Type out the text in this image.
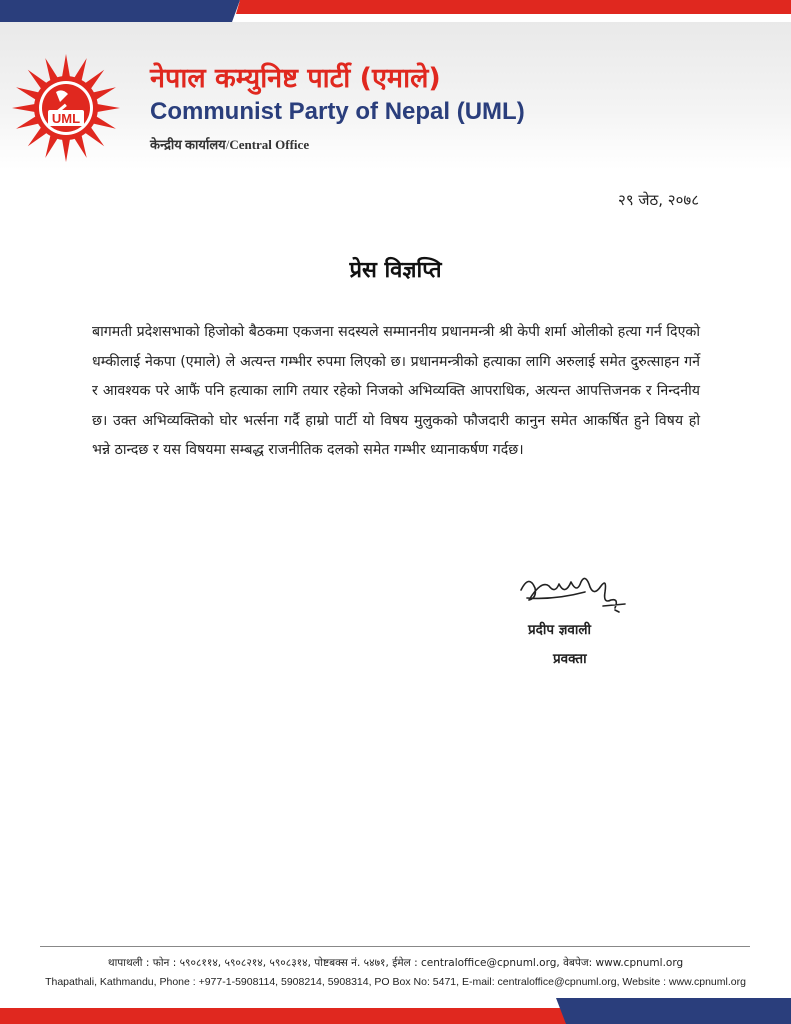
UML
नेपाल कम्युनिष्ट पार्टी (एमाले)
Communist Party of Nepal (UML)
केन्द्रीय कार्यालय/Central Office
२९ जेठ, २०७८
प्रेस विज्ञप्ति
बागमती प्रदेशसभाको हिजोको बैठकमा एकजना सदस्यले सम्माननीय प्रधानमन्त्री श्री केपी शर्मा ओलीको हत्या गर्न दिएको धम्कीलाई नेकपा (एमाले) ले अत्यन्त गम्भीर रुपमा लिएको छ। प्रधानमन्त्रीको हत्याका लागि अरुलाई समेत दुरुत्साहन गर्ने र आवश्यक परे आफैं पनि हत्याका लागि तयार रहेको निजको अभिव्यक्ति आपराधिक, अत्यन्त आपत्तिजनक र निन्दनीय छ। उक्त अभिव्यक्तिको घोर भर्त्सना गर्दै हाम्रो पार्टी यो विषय मुलुकको फौजदारी कानुन समेत आकर्षित हुने विषय हो भन्ने ठान्दछ र यस विषयमा सम्बद्ध राजनीतिक दलको समेत गम्भीर ध्यानाकर्षण गर्दछ।
प्रदीप ज्ञवाली
प्रवक्ता
थापाथली : फोन : ५९०८११४, ५९०८२१४, ५९०८३१४, पोष्टबक्स नं. ५४७१, ईमेल : centraloffice@cpnuml.org, वेबपेज: www.cpnuml.org
Thapathali, Kathmandu, Phone : +977-1-5908114, 5908214, 5908314, PO Box No: 5471, E-mail: centraloffice@cpnuml.org, Website : www.cpnuml.org
